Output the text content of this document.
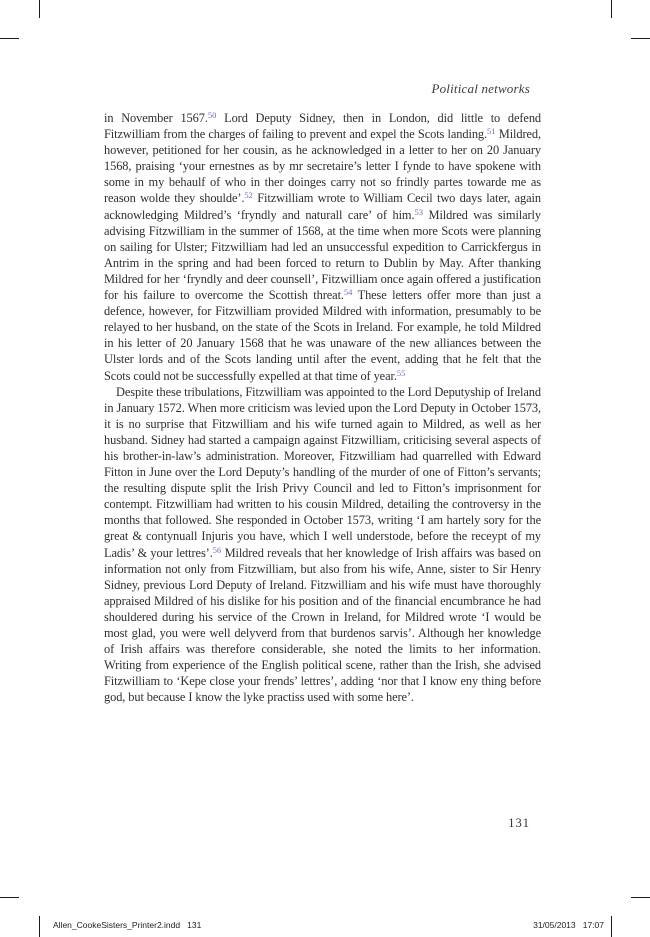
Political networks

in November 1567.50 Lord Deputy Sidney, then in London, did little to defend Fitzwilliam from the charges of failing to prevent and expel the Scots landing.$^{51}$ Mildred, however, petitioned for her cousin, as he acknowledged in a letter to her on 20 January 1568, praising ‘your ernestnes as by mr secretaire’s letter I fynde to have spokene with some in my behaulf of who in ther doinges carry not so frindly partes towarde me as reason wolde they shoulde’.$^{52}$ Fitzwilliam wrote to William Cecil two days later, again acknowledging Mildred’s ‘fryndly and naturall care’ of him.$^{53}$ Mildred was similarly advising Fitzwilliam in the summer of 1568, at the time when more Scots were planning on sailing for Ulster; Fitzwilliam had led an unsuccessful expedition to Carrickfergus in Antrim in the spring and had been forced to return to Dublin by May. After thanking Mildred for her ‘fryndly and deer counsell’, Fitzwilliam once again offered a justification for his failure to overcome the Scottish threat.$^{54}$ These letters offer more than just a defence, however, for Fitzwilliam provided Mildred with information, presumably to be relayed to her husband, on the state of the Scots in Ireland. For example, he told Mildred in his letter of 20 January 1568 that he was unaware of the new alliances between the Ulster lords and of the Scots landing until after the event, adding that he felt that the Scots could not be successfully expelled at that time of year.$^{55}$

Despite these tribulations, Fitzwilliam was appointed to the Lord Deputyship of Ireland in January 1572. When more criticism was levied upon the Lord Deputy in October 1573, it is no surprise that Fitzwilliam and his wife turned again to Mildred, as well as her husband. Sidney had started a campaign against Fitzwilliam, criticising several aspects of his brother-in-law’s administration. Moreover, Fitzwilliam had quarrelled with Edward Fitton in June over the Lord Deputy’s handling of the murder of one of Fitton’s servants; the resulting dispute split the Irish Privy Council and led to Fitton’s imprisonment for contempt. Fitzwilliam had written to his cousin Mildred, detailing the controversy in the months that followed. She responded in October 1573, writing ‘I am hartely sory for the great & contynuall Injuris you have, which I well understode, before the receypt of my Ladis’ & your lettres’.$^{56}$ Mildred reveals that her knowledge of Irish affairs was based on information not only from Fitzwilliam, but also from his wife, Anne, sister to Sir Henry Sidney, previous Lord Deputy of Ireland. Fitzwilliam and his wife must have thoroughly appraised Mildred of his dislike for his position and of the financial encumbrance he had shouldered during his service of the Crown in Ireland, for Mildred wrote ‘I would be most glad, you were well delyverd from that burdenos sarvis’. Although her knowledge of Irish affairs was therefore considerable, she noted the limits to her information. Writing from experience of the English political scene, rather than the Irish, she advised Fitzwilliam to ‘Kepe close your frends’ lettres’, adding ‘nor that I know eny thing before god, but because I know the lyke practiss used with some here’.

131
Allen_CookeSisters_Printer2.indd   131	31/05/2013   17:07
